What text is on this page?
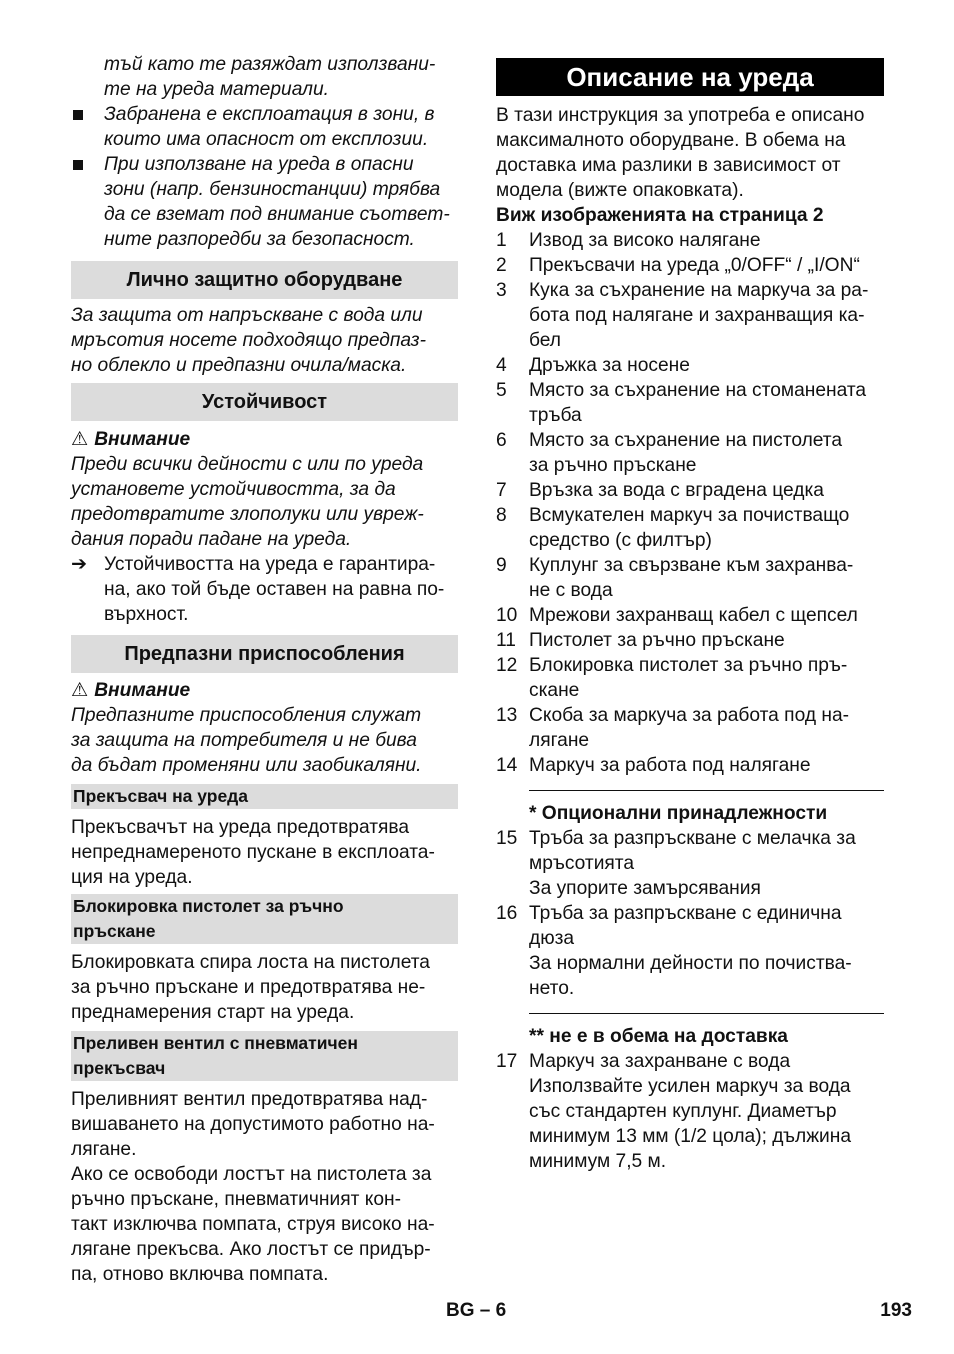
тъй като те разяждат използвани-

те на уреда материали.

Забранена е експлоатация в зони, в

които има опасност от експлозии.

При използване на уреда в опасни

зони (напр. бензиностанции) трябва

да се вземат под внимание съответ-

ните разпоредби за безопасност.

Лично защитно оборудване

За защита от напръскване с вода или

мръсотия носете подходящо предпаз-

но облекло и предпазни очила/маска.

Устойчивост

⚠ Внимание

Преди всички дейности с или по уреда

установете устойчивостта, за да

предотвратите злополуки или увреж-

дания поради падане на уреда.

➔ Устойчивостта на уреда е гарантира-

на, ако той бъде оставен на равна по-

върхност.

Предпазни приспособления

⚠ Внимание

Предпазните приспособления служат

за защита на потребителя и не бива

да бъдат променяни или заобикаляни.

Прекъсвач на уреда

Прекъсвачът на уреда предотвратява

непреднамереното пускане в експлоата-

ция на уреда.

Блокировка пистолет за ръчно

пръскане

Блокировката спира лоста на пистолета

за ръчно пръскане и предотвратява не-

преднамерения старт на уреда.

Преливен вентил с пневматичен

прекъсвач

Преливният вентил предотвратява над-

вишаването на допустимото работно на-

лягане.

Ако се освободи лостът на пистолета за

ръчно пръскане, пневматичният кон-

такт изключва помпата, струя високо на-

лягане прекъсва. Ако лостът се придър-

па, отново включва помпата.

Описание на уреда

В тази инструкция за употреба е описано

максималното оборудване. В обема на

доставка има разлики в зависимост от

модела (вижте опаковката).

Виж изображенията на страница 2

1 Извод за високо налягане

2 Прекъсвачи на уреда „0/OFF“ / „I/ON“

3 Кука за съхранение на маркуча за ра-

бота под налягане и захранващия ка-

бел

4 Дръжка за носене

5 Място за съхранение на стоманената

тръба

6 Място за съхранение на пистолета

за ръчно пръскане

7 Връзка за вода с вградена цедка

8 Всмукателен маркуч за почистващо

средство (с филтър)

9 Куплунг за свързване към захранва-

не с вода

10 Мрежови захранващ кабел с щепсел

11 Пистолет за ръчно пръскане

12 Блокировка пистолет за ръчно пръ-

скане

13 Скоба за маркуча за работа под на-

лягане

14 Маркуч за работа под налягане

* Опционални принадлежности

15 Тръба за разпръскване с мелачка за

мръсотията

За упорите замърсявания

16 Тръба за разпръскване с единична

дюза

За нормални дейности по почиства-

нето.

** не е в обема на доставка

17 Маркуч за захранване с вода

Използвайте усилен маркуч за вода

със стандартен куплунг. Диаметър

минимум 13 мм (1/2 цола); дължина

минимум 7,5 м.

BG – 6	193
